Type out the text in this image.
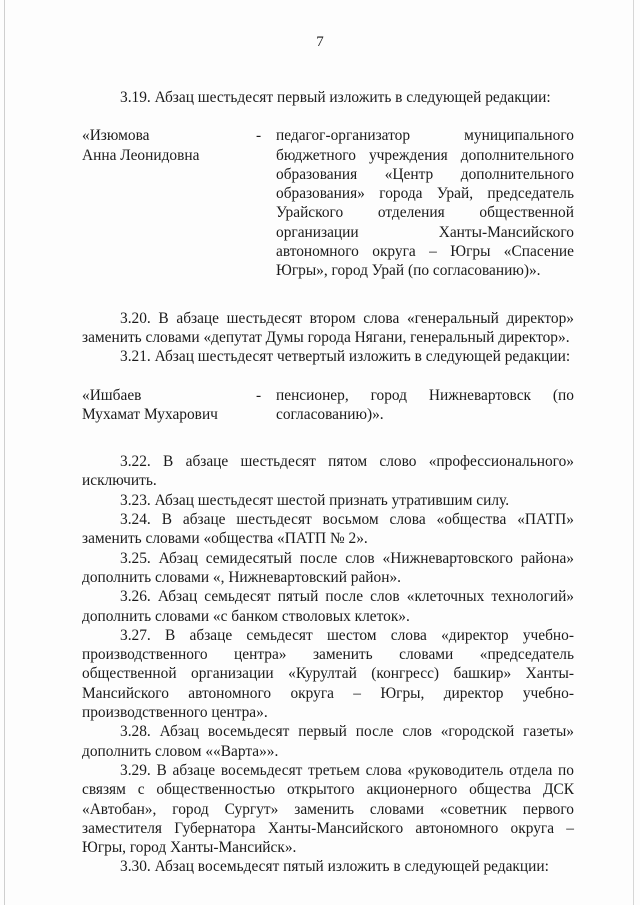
7

3.19. Абзац шестьдесят первый изложить в следующей редакции:

«Изюмова
Анна Леонидовна
- педагог-организатор муниципального бюджетного учреждения дополнительного образования «Центр дополнительного образования» города Урай, председатель Урайского отделения общественной организации Ханты-Мансийского автономного округа – Югры «Спасение Югры», город Урай (по согласованию)».

3.20. В абзаце шестьдесят втором слова «генеральный директор» заменить словами «депутат Думы города Нягани, генеральный директор».

3.21. Абзац шестьдесят четвертый изложить в следующей редакции:

«Ишбаев
Мухамат Мухарович
- пенсионер, город Нижневартовск (по согласованию)».

3.22. В абзаце шестьдесят пятом слово «профессионального» исключить.

3.23. Абзац шестьдесят шестой признать утратившим силу.

3.24. В абзаце шестьдесят восьмом слова «общества «ПАТП» заменить словами «общества «ПАТП № 2».

3.25. Абзац семидесятый после слов «Нижневартовского района» дополнить словами «, Нижневартовский район».

3.26. Абзац семьдесят пятый после слов «клеточных технологий» дополнить словами «с банком стволовых клеток».

3.27. В абзаце семьдесят шестом слова «директор учебно-производственного центра» заменить словами «председатель общественной организации «Курултай (конгресс) башкир» Ханты-Мансийского автономного округа – Югры, директор учебно-производственного центра».

3.28. Абзац восемьдесят первый после слов «городской газеты» дополнить словом ««Варта»».

3.29. В абзаце восемьдесят третьем слова «руководитель отдела по связям с общественностью открытого акционерного общества ДСК «Автобан», город Сургут» заменить словами «советник первого заместителя Губернатора Ханты-Мансийского автономного округа – Югры, город Ханты-Мансийск».

3.30. Абзац восемьдесят пятый изложить в следующей редакции:
